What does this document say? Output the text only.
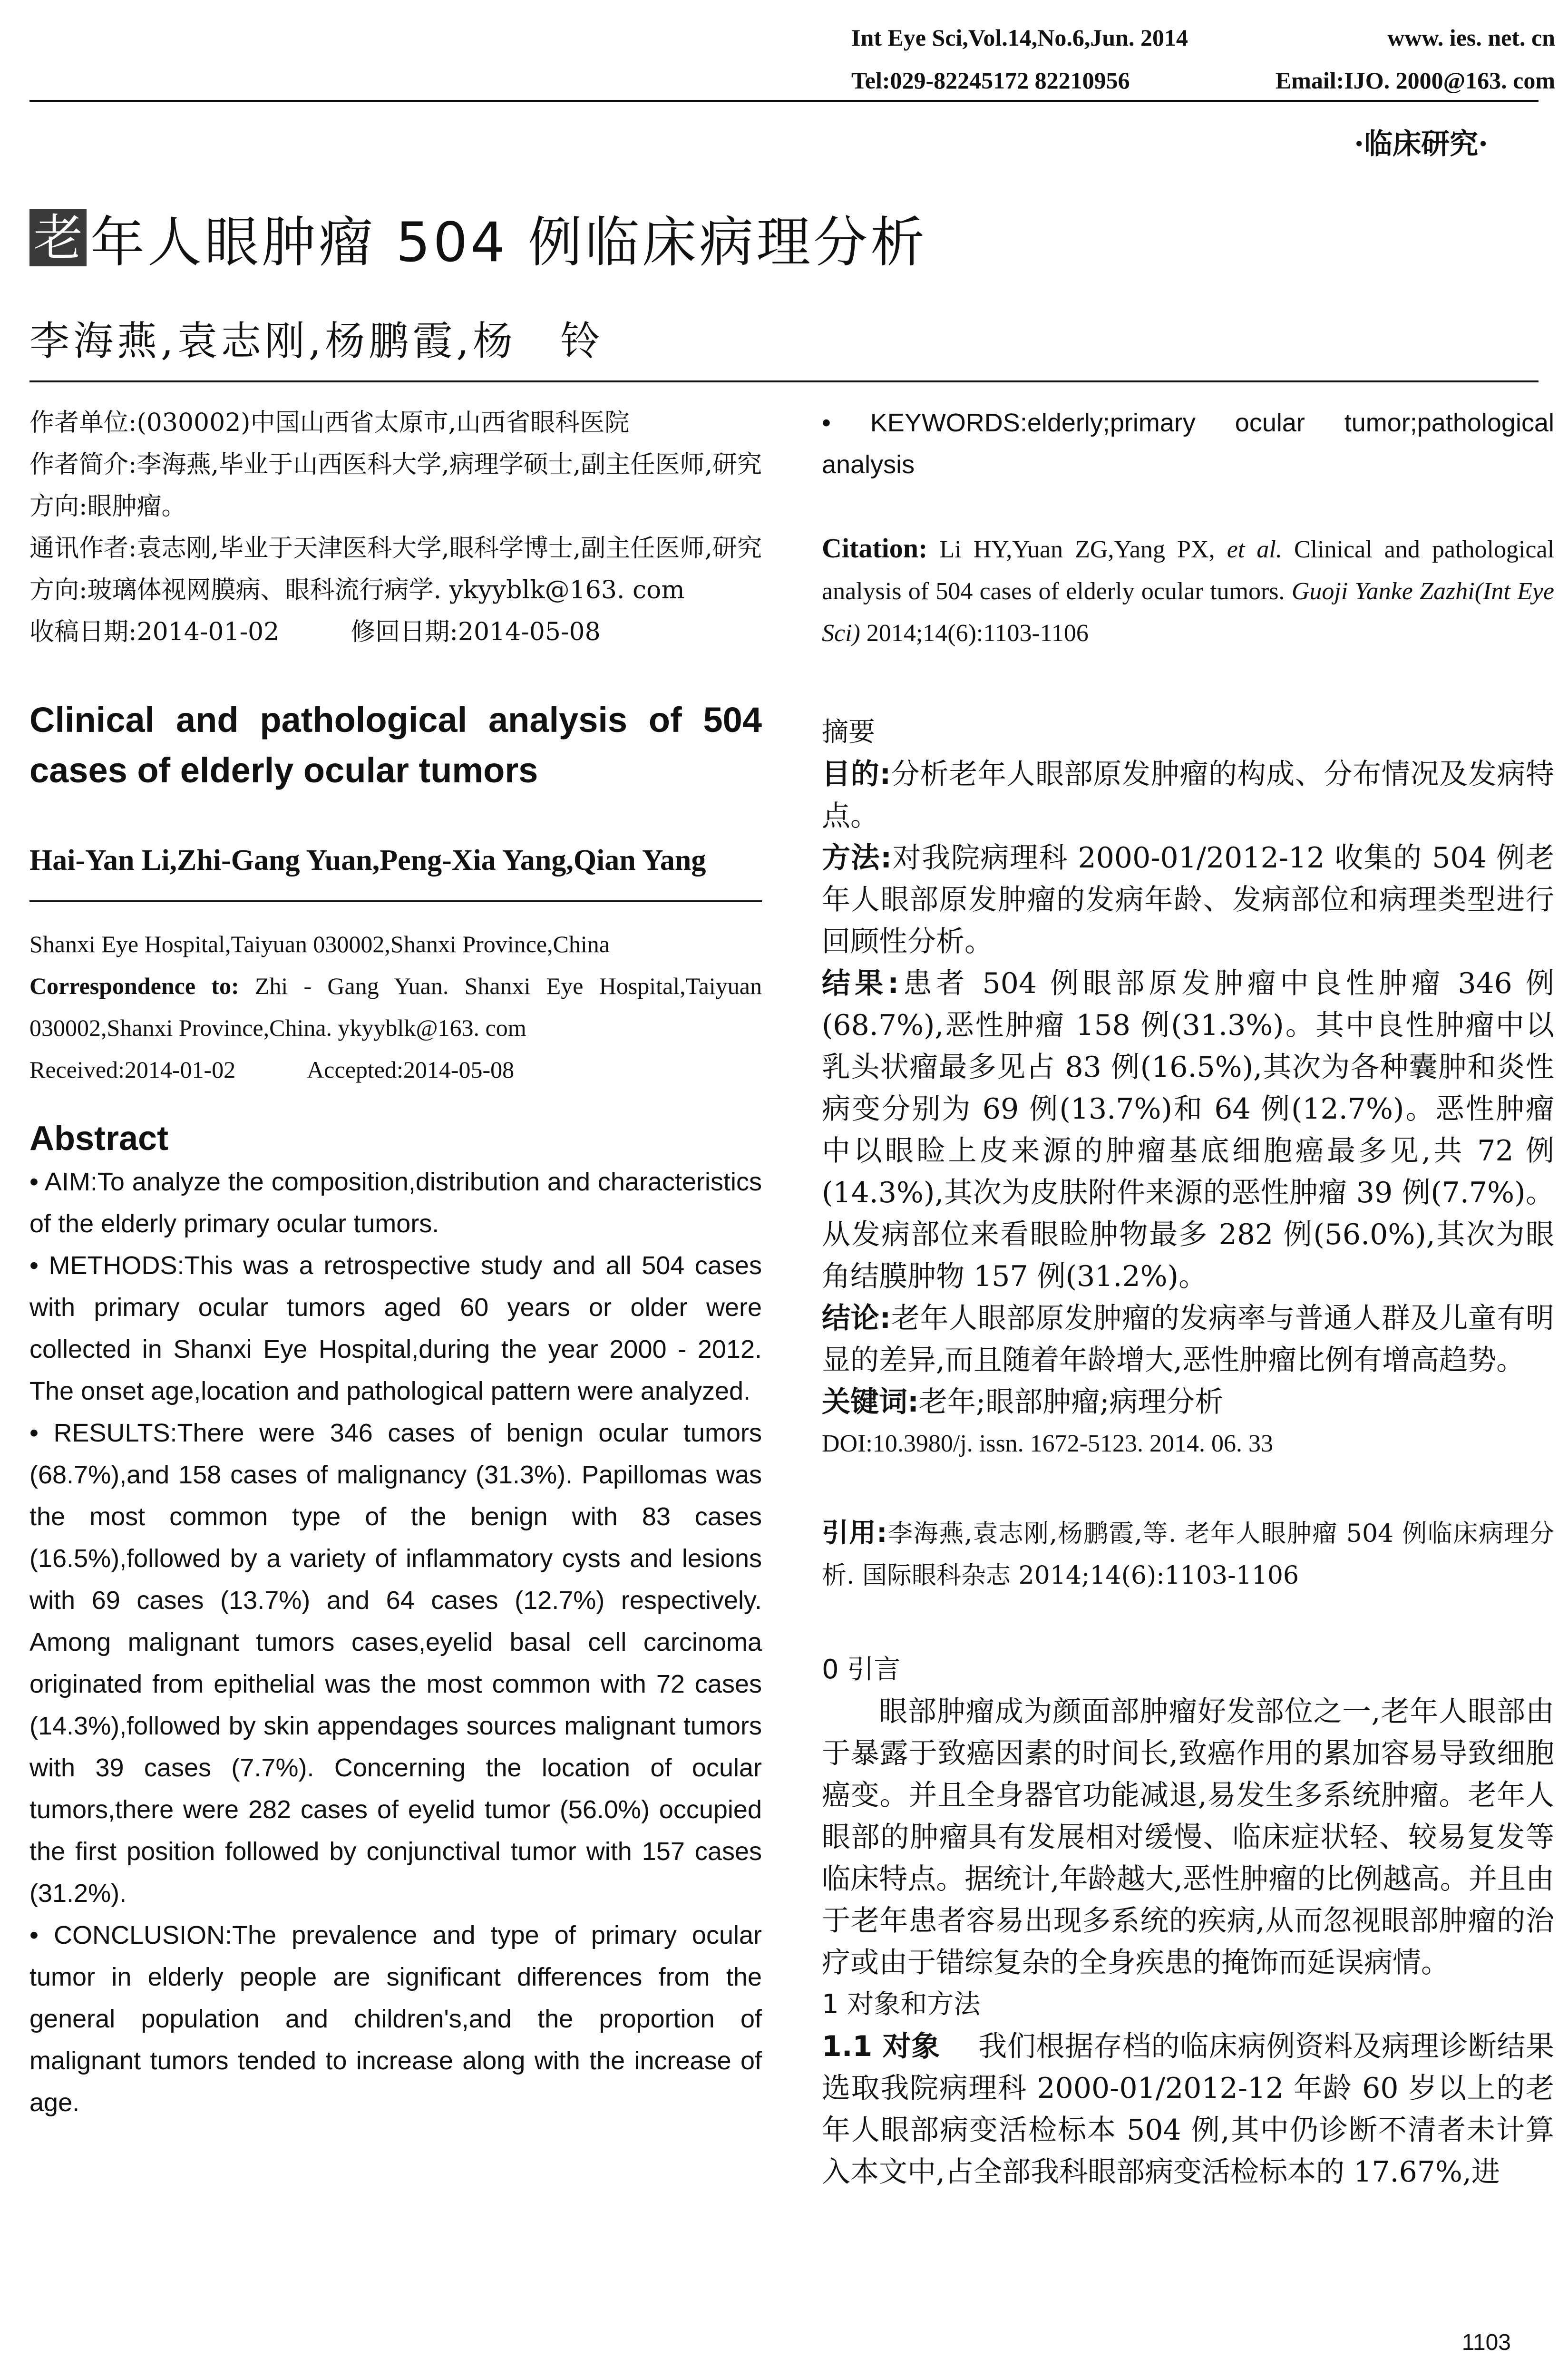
Int Eye Sci,Vol.14,No.6,Jun. 2014	www. ies. net. cn
Tel:029-82245172 82210956	Email:IJO. 2000@163. com
·临床研究·
老 年人眼肿瘤 504 例临床病理分析
李海燕,袁志刚,杨鹏霞,杨　铃

作者单位:(030002)中国山西省太原市,山西省眼科医院

作者简介:李海燕,毕业于山西医科大学,病理学硕士,副主任医师,研究方向:眼肿瘤。

通讯作者:袁志刚,毕业于天津医科大学,眼科学博士,副主任医师,研究方向:玻璃体视网膜病、眼科流行病学. ykyyblk@163. com

收稿日期:2014-01-02	修回日期:2014-05-08

Clinical and pathological analysis of 504 cases of elderly ocular tumors

Hai-Yan Li,Zhi-Gang Yuan,Peng-Xia Yang,Qian Yang

Shanxi Eye Hospital,Taiyuan 030002,Shanxi Province,China

Correspondence to: Zhi - Gang Yuan. Shanxi Eye Hospital,Taiyuan 030002,Shanxi Province,China. ykyyblk@163. com

Received:2014-01-02	Accepted:2014-05-08

Abstract

• AIM:To analyze the composition,distribution and characteristics of the elderly primary ocular tumors.

• METHODS:This was a retrospective study and all 504 cases with primary ocular tumors aged 60 years or older were collected in Shanxi Eye Hospital,during the year 2000 - 2012. The onset age,location and pathological pattern were analyzed.

• RESULTS:There were 346 cases of benign ocular tumors (68.7%),and 158 cases of malignancy (31.3%). Papillomas was the most common type of the benign with 83 cases (16.5%),followed by a variety of inflammatory cysts and lesions with 69 cases (13.7%) and 64 cases (12.7%) respectively. Among malignant tumors cases,eyelid basal cell carcinoma originated from epithelial was the most common with 72 cases (14.3%),followed by skin appendages sources malignant tumors with 39 cases (7.7%). Concerning the location of ocular tumors,there were 282 cases of eyelid tumor (56.0%) occupied the first position followed by conjunctival tumor with 157 cases (31.2%).

• CONCLUSION:The prevalence and type of primary ocular tumor in elderly people are significant differences from the general population and children's,and the proportion of malignant tumors tended to increase along with the increase of age.

• KEYWORDS:elderly;primary ocular tumor;pathological analysis

Citation: Li HY,Yuan ZG,Yang PX, et al. Clinical and pathological analysis of 504 cases of elderly ocular tumors. Guoji Yanke Zazhi(Int Eye Sci) 2014;14(6):1103-1106

摘要

目的:分析老年人眼部原发肿瘤的构成、分布情况及发病特点。

方法:对我院病理科 2000-01/2012-12 收集的 504 例老年人眼部原发肿瘤的发病年龄、发病部位和病理类型进行回顾性分析。

结果:患者 504 例眼部原发肿瘤中良性肿瘤 346 例(68.7%),恶性肿瘤 158 例(31.3%)。其中良性肿瘤中以乳头状瘤最多见占 83 例(16.5%),其次为各种囊肿和炎性病变分别为 69 例(13.7%)和 64 例(12.7%)。恶性肿瘤中以眼睑上皮来源的肿瘤基底细胞癌最多见,共 72 例(14.3%),其次为皮肤附件来源的恶性肿瘤 39 例(7.7%)。从发病部位来看眼睑肿物最多 282 例(56.0%),其次为眼角结膜肿物 157 例(31.2%)。

结论:老年人眼部原发肿瘤的发病率与普通人群及儿童有明显的差异,而且随着年龄增大,恶性肿瘤比例有增高趋势。

关键词:老年;眼部肿瘤;病理分析

DOI:10.3980/j. issn. 1672-5123. 2014. 06. 33

引用:李海燕,袁志刚,杨鹏霞,等. 老年人眼肿瘤 504 例临床病理分析. 国际眼科杂志 2014;14(6):1103-1106

0 引言

眼部肿瘤成为颜面部肿瘤好发部位之一,老年人眼部由于暴露于致癌因素的时间长,致癌作用的累加容易导致细胞癌变。并且全身器官功能减退,易发生多系统肿瘤。老年人眼部的肿瘤具有发展相对缓慢、临床症状轻、较易复发等临床特点。据统计,年龄越大,恶性肿瘤的比例越高。并且由于老年患者容易出现多系统的疾病,从而忽视眼部肿瘤的治疗或由于错综复杂的全身疾患的掩饰而延误病情。

1 对象和方法

1.1 对象　 我们根据存档的临床病例资料及病理诊断结果选取我院病理科 2000-01/2012-12 年龄 60 岁以上的老年人眼部病变活检标本 504 例,其中仍诊断不清者未计算入本文中,占全部我科眼部病变活检标本的 17.67%,进

1103
